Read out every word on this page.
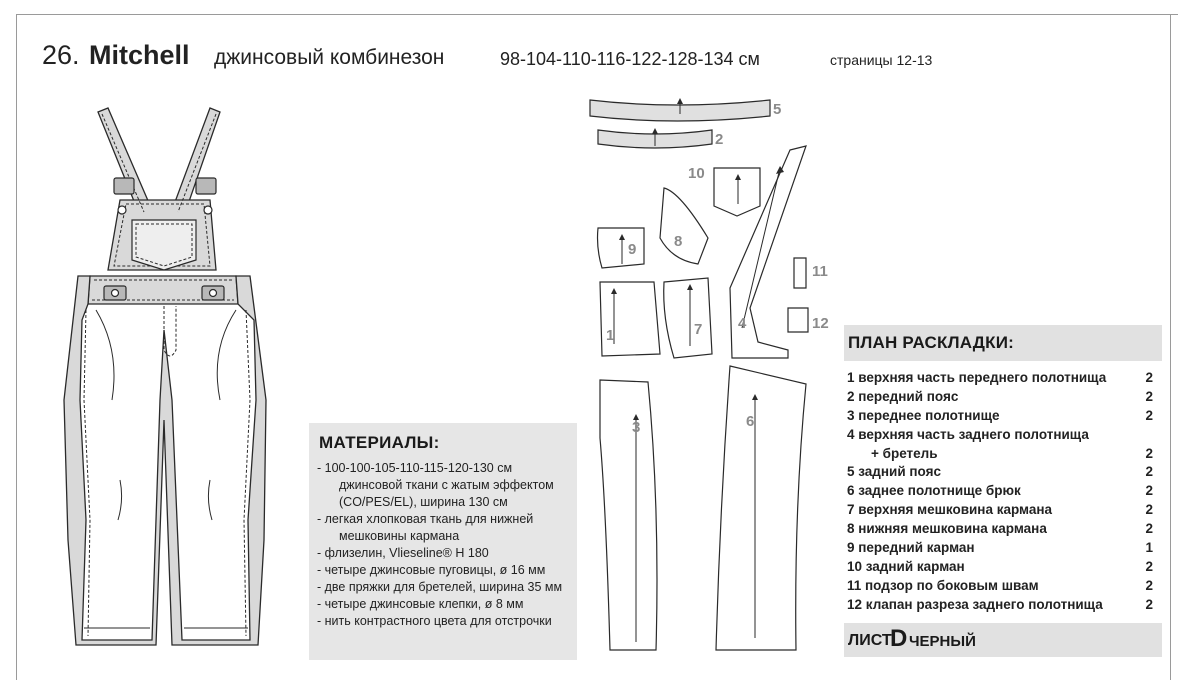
26. Mitchell джинсовый комбинезон	98-104-110-116-122-128-134 см	страницы 12-13
5
2
10
8
9
11
12
4
1	7
3	6
МАТЕРИАЛЫ:
- 100-100-105-110-115-120-130 см
джинсовой ткани с жатым эффектом
(CO/PES/EL), ширина 130 см
- легкая хлопковая ткань для нижней
мешковины кармана
- флизелин, Vlieseline® H 180
- четыре джинсовые пуговицы, ø 16 мм
- две пряжки для бретелей, ширина 35 мм
- четыре джинсовые клепки, ø 8 мм
- нить контрастного цвета для отстрочки
ПЛАН РАСКЛАДКИ:
1 верхняя часть переднего полотнища	2
2 передний пояс	2
3 переднее полотнище	2
4 верхняя часть заднего полотнища
+ бретель	2
5 задний пояс	2
6 заднее полотнище брюк	2
7 верхняя мешковина кармана	2
8 нижняя мешковина кармана	2
9 передний карман	1
10 задний карман	2
11 подзор по боковым швам	2
12 клапан разреза заднего полотнища	2
ЛИСТ
D ЧЕРНЫЙ
